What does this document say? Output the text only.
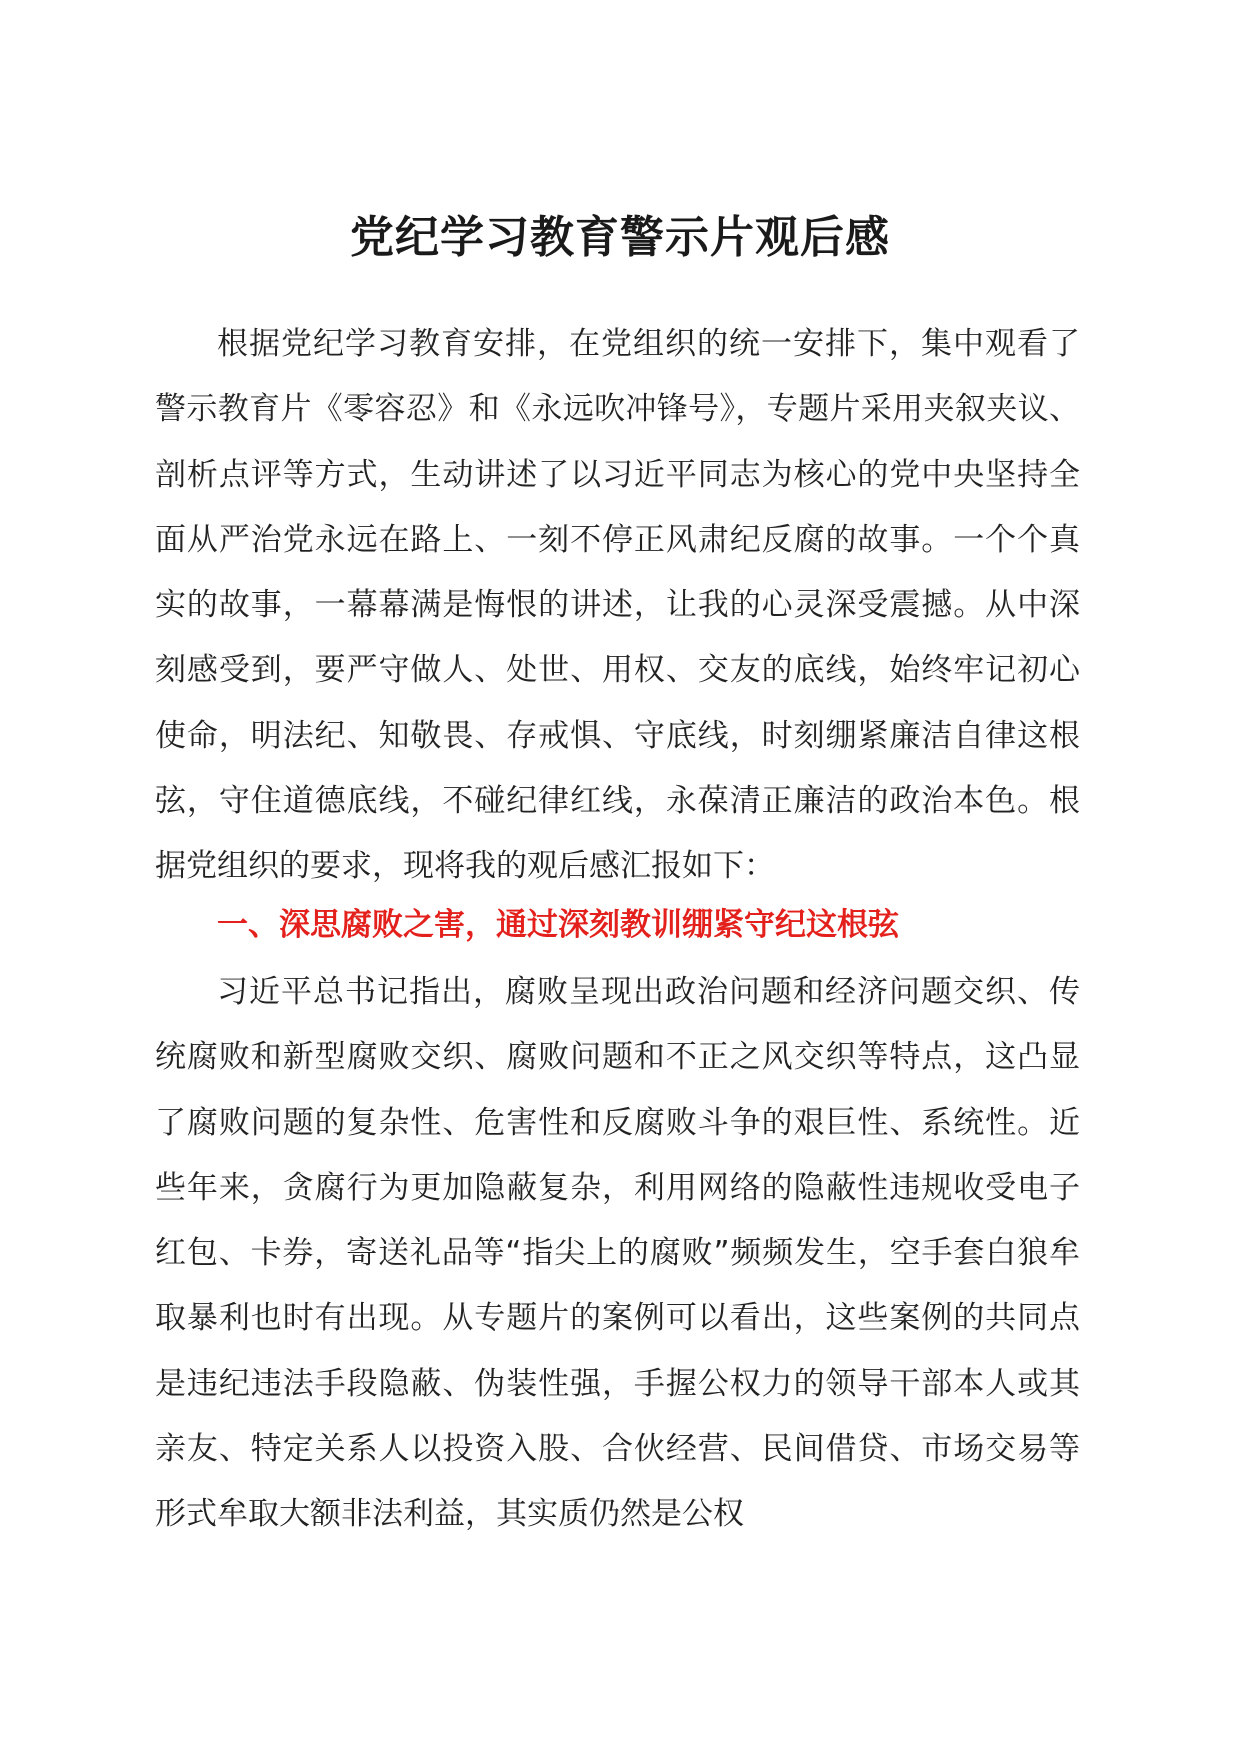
党纪学习教育警示片观后感

根据党纪学习教育安排，在党组织的统一安排下，集中观看了警示教育片《零容忍》和《永远吹冲锋号》，专题片采用夹叙夹议、剖析点评等方式，生动讲述了以习近平同志为核心的党中央坚持全面从严治党永远在路上、一刻不停正风肃纪反腐的故事。一个个真实的故事，一幕幕满是悔恨的讲述，让我的心灵深受震撼。从中深刻感受到，要严守做人、处世、用权、交友的底线，始终牢记初心使命，明法纪、知敬畏、存戒惧、守底线，时刻绷紧廉洁自律这根弦，守住道德底线，不碰纪律红线，永葆清正廉洁的政治本色。根据党组织的要求，现将我的观后感汇报如下：

一、深思腐败之害，通过深刻教训绷紧守纪这根弦

习近平总书记指出，腐败呈现出政治问题和经济问题交织、传统腐败和新型腐败交织、腐败问题和不正之风交织等特点，这凸显了腐败问题的复杂性、危害性和反腐败斗争的艰巨性、系统性。近些年来，贪腐行为更加隐蔽复杂，利用网络的隐蔽性违规收受电子红包、卡券，寄送礼品等“指尖上的腐败”频频发生，空手套白狼牟取暴利也时有出现。从专题片的案例可以看出，这些案例的共同点是违纪违法手段隐蔽、伪装性强，手握公权力的领导干部本人或其亲友、特定关系人以投资入股、合伙经营、民间借贷、市场交易等形式牟取大额非法利益，其实质仍然是公权
